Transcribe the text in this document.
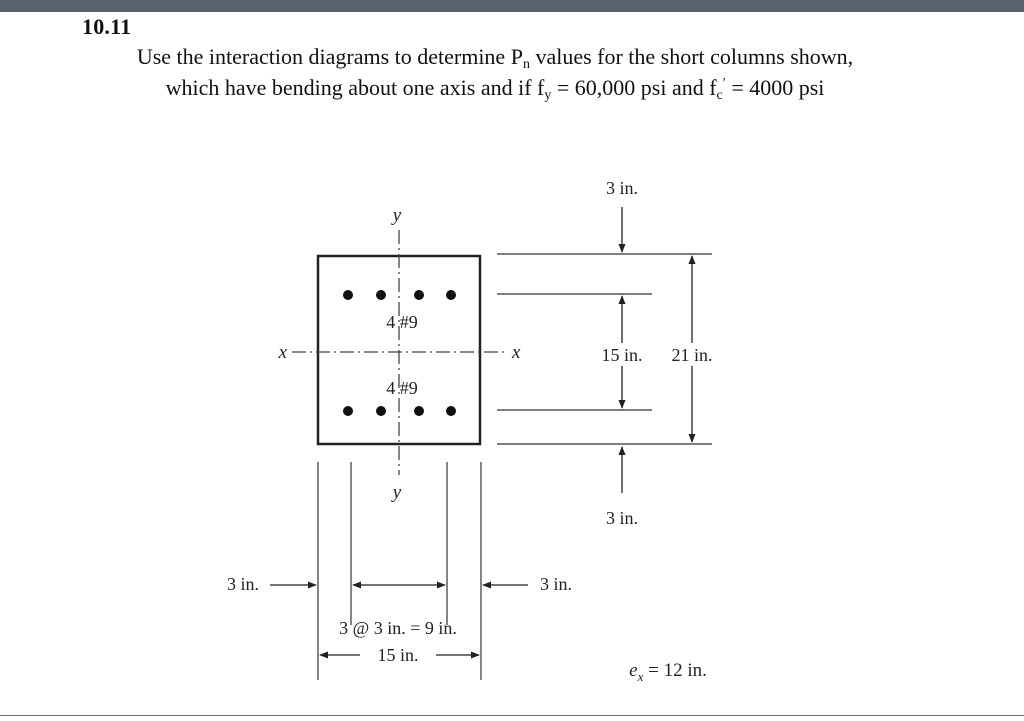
10.11
Use the interaction diagrams to determine $P_n$ values for the short columns shown,
which have bending about one axis and if $f_y = 60,000$ psi and $f_c' = 4000$ psi
y
y
x	x
4 #9
4 #9
3 in.
15 in. 21 in.
3 in.
3 in.	3 in.
3 @ 3 in. = 9 in.
15 in.
$e_x = 12$ in.
